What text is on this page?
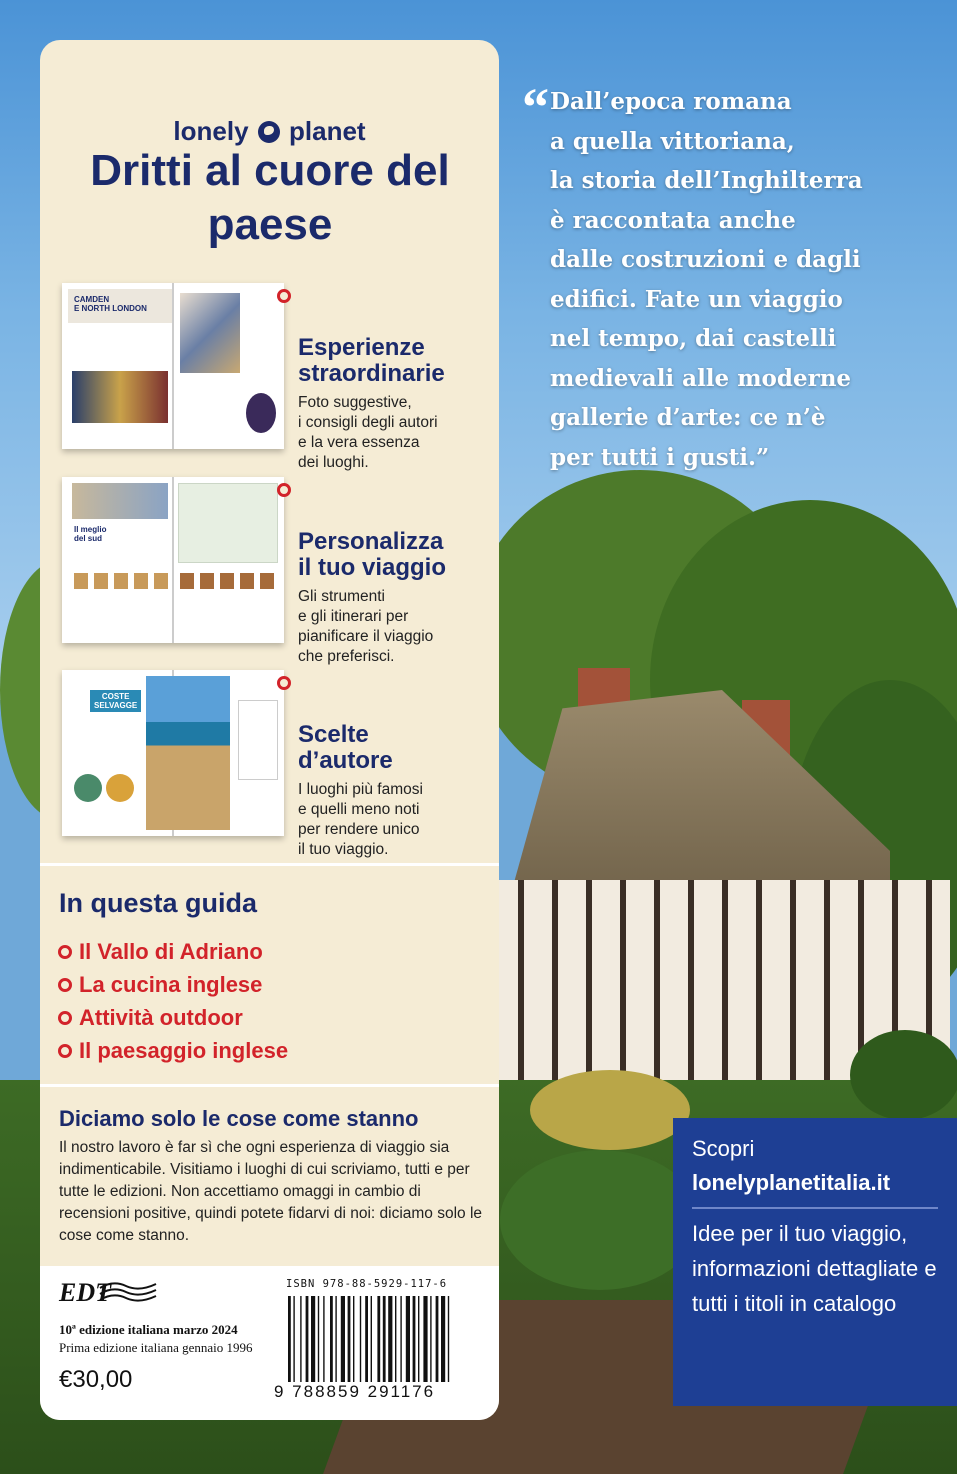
lonely planet
Dritti al cuore del paese
CAMDEN
E NORTH LONDON

Esperienze
straordinarie

Foto suggestive,
i consigli degli autori
e la vera essenza
dei luoghi.
Il meglio
del sud	Personalizza
il tuo viaggio

Gli strumenti
e gli itinerari per
pianificare il viaggio
che preferisci.
COSTE
SELVAGGE

Scelte
d’autore

I luoghi più famosi
e quelli meno noti
per rendere unico
il tuo viaggio.
In questa guida
Il Vallo di Adriano
La cucina inglese
Attività outdoor
Il paesaggio inglese
Diciamo solo le cose come stanno
Il nostro lavoro è far sì che ogni esperienza di viaggio sia indimenticabile. Visitiamo i luoghi di cui scriviamo, tutti e per tutte le edizioni. Non accettiamo omaggi in cambio di recensioni positive, quindi potete fidarvi di noi: diciamo solo le cose come stanno.
EDT
10ª edizione italiana marzo 2024
Prima edizione italiana gennaio 1996
€30,00
ISBN 978-88-5929-117-6
9 788859 291176
“ Dall’epoca romana
a quella vittoriana,
la storia dell’Inghilterra
è raccontata anche
dalle costruzioni e dagli
edifici. Fate un viaggio
nel tempo, dai castelli
medievali alle moderne
gallerie d’arte: ce n’è
per tutti i gusti.”
Scopri
lonelyplanetitalia.it
Idee per il tuo viaggio, informazioni dettagliate e tutti i titoli in catalogo
